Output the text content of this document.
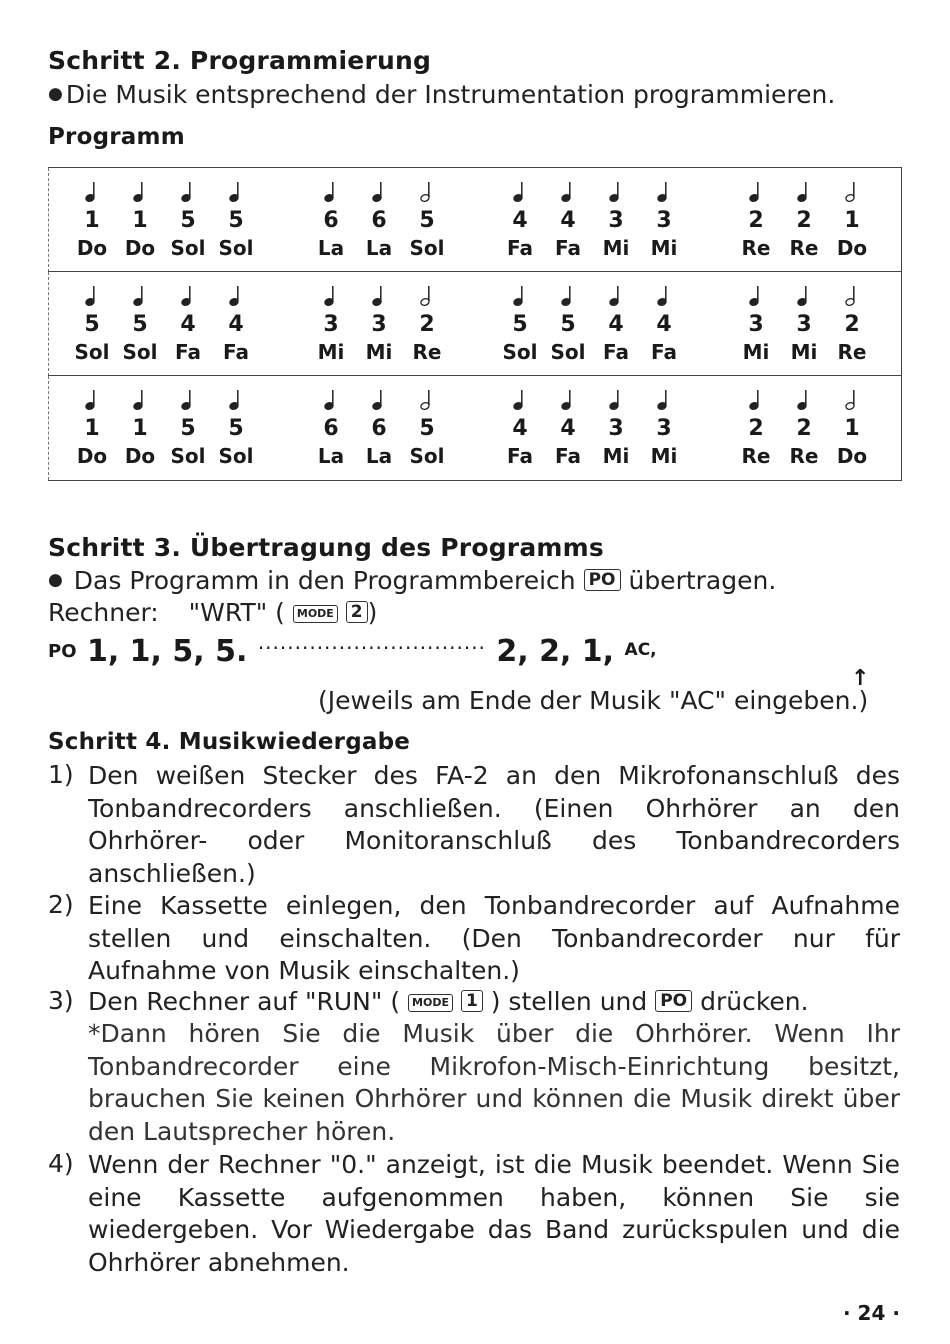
Schritt 2. Programmierung
● Die Musik entsprechend der Instrumentation programmieren.
Programm
1
Do
1
Do
5
Sol
5
Sol
6
La
6
La
5
Sol
4
Fa
4
Fa
3
Mi
3
Mi
2
Re
2
Re
1
Do
5
Sol
5
Sol
4
Fa
4
Fa
3
Mi
3
Mi
2
Re
5
Sol
5
Sol
4
Fa
4
Fa
3
Mi
3
Mi
2
Re
1
Do
1
Do
5
Sol
5
Sol
6
La
6
La
5
Sol
4
Fa
4
Fa
3
Mi
3
Mi
2
Re
2
Re
1
Do
Schritt 3. Übertragung des Programms
● Das Programm in den Programmbereich PO übertragen.
Rechner: "WRT" ( MODE 2 )
PO 1, 1, 5, 5. ······························· 2, 2, 1, $^{AC,}$
↑
(Jeweils am Ende der Musik "AC" eingeben.)
Schritt 4. Musikwiedergabe
1) Den weißen Stecker des FA-2 an den Mikrofonanschluß des Tonbandrecorders anschließen. (Einen Ohrhörer an den Ohrhörer- oder Monitoranschluß des Tonbandrecorders anschließen.)
2) Eine Kassette einlegen, den Tonbandrecorder auf Aufnahme stellen und einschalten. (Den Tonbandrecorder nur für Aufnahme von Musik einschalten.)
3) Den Rechner auf "RUN" ( MODE 1 ) stellen und PO drücken.
4) Wenn der Rechner "0." anzeigt, ist die Musik beendet. Wenn Sie eine Kassette aufgenommen haben, können Sie sie wiedergeben. Vor Wiedergabe das Band zurückspulen und die Ohrhörer abnehmen.
*Dann hören Sie die Musik über die Ohrhörer. Wenn Ihr Tonbandrecorder eine Mikrofon-Misch-Einrichtung besitzt, brauchen Sie keinen Ohrhörer und können die Musik direkt über den Lautsprecher hören.
· 24 ·
